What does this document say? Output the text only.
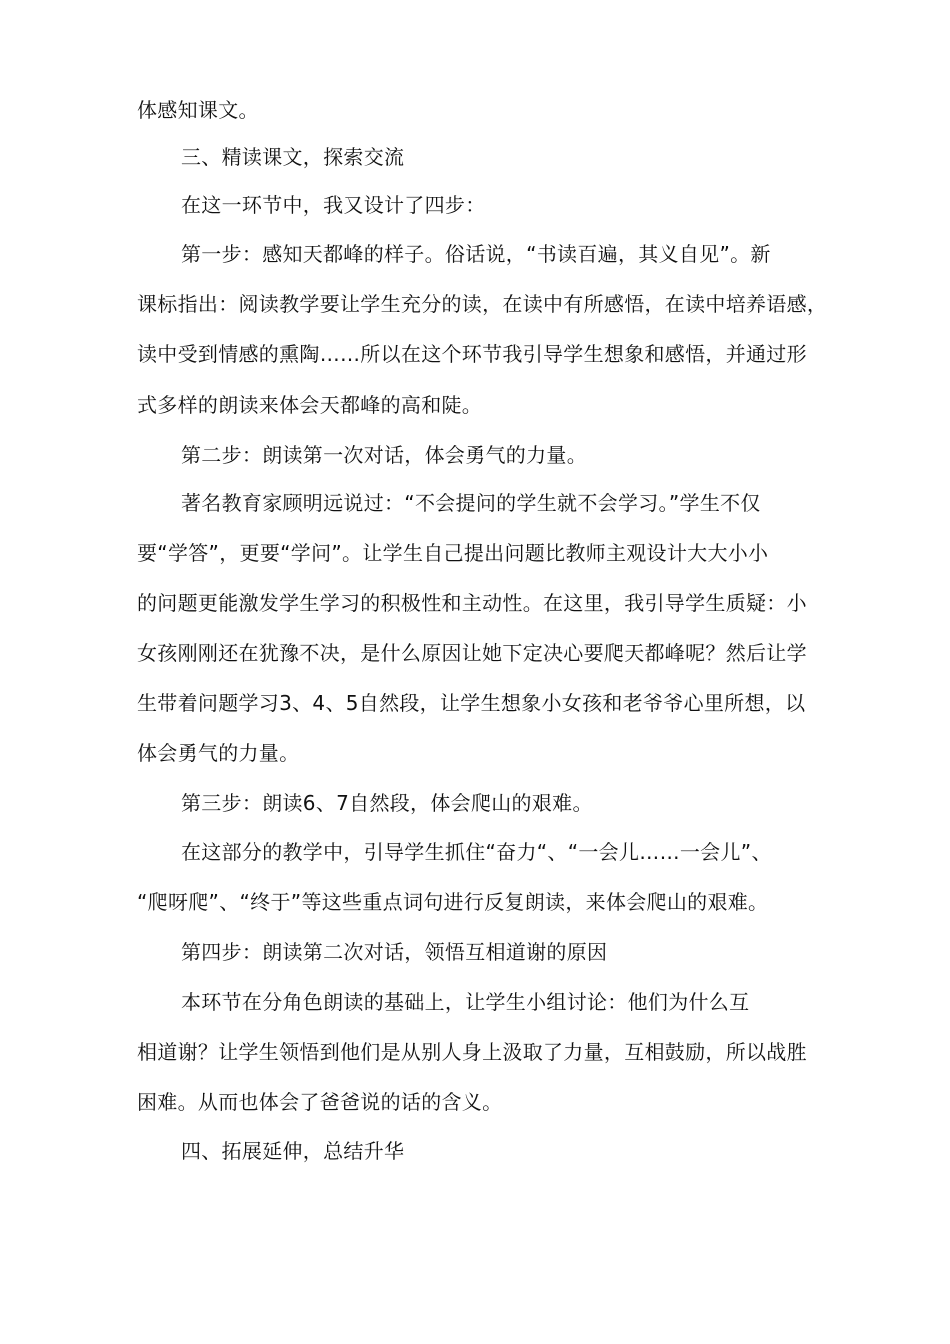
体感知课文。
三、精读课文，探索交流
在这一环节中，我又设计了四步：
第一步：感知天都峰的样子。俗话说，“书读百遍，其义自见”。新
课标指出：阅读教学要让学生充分的读，在读中有所感悟，在读中培养语感，
读中受到情感的熏陶……所以在这个环节我引导学生想象和感悟，并通过形
式多样的朗读来体会天都峰的高和陡。
第二步：朗读第一次对话，体会勇气的力量。
著名教育家顾明远说过：“不会提问的学生就不会学习。”学生不仅
要“学答”，更要“学问”。让学生自己提出问题比教师主观设计大大小小
的问题更能激发学生学习的积极性和主动性。在这里，我引导学生质疑：小
女孩刚刚还在犹豫不决，是什么原因让她下定决心要爬天都峰呢？然后让学
生带着问题学习3、4、5自然段，让学生想象小女孩和老爷爷心里所想，以
体会勇气的力量。
第三步：朗读6、7自然段，体会爬山的艰难。
在这部分的教学中，引导学生抓住“奋力“、“一会儿……一会儿”、
“爬呀爬”、“终于”等这些重点词句进行反复朗读，来体会爬山的艰难。
第四步：朗读第二次对话，领悟互相道谢的原因
本环节在分角色朗读的基础上，让学生小组讨论：他们为什么互
相道谢？让学生领悟到他们是从别人身上汲取了力量，互相鼓励，所以战胜
困难。从而也体会了爸爸说的话的含义。
四、拓展延伸，总结升华
